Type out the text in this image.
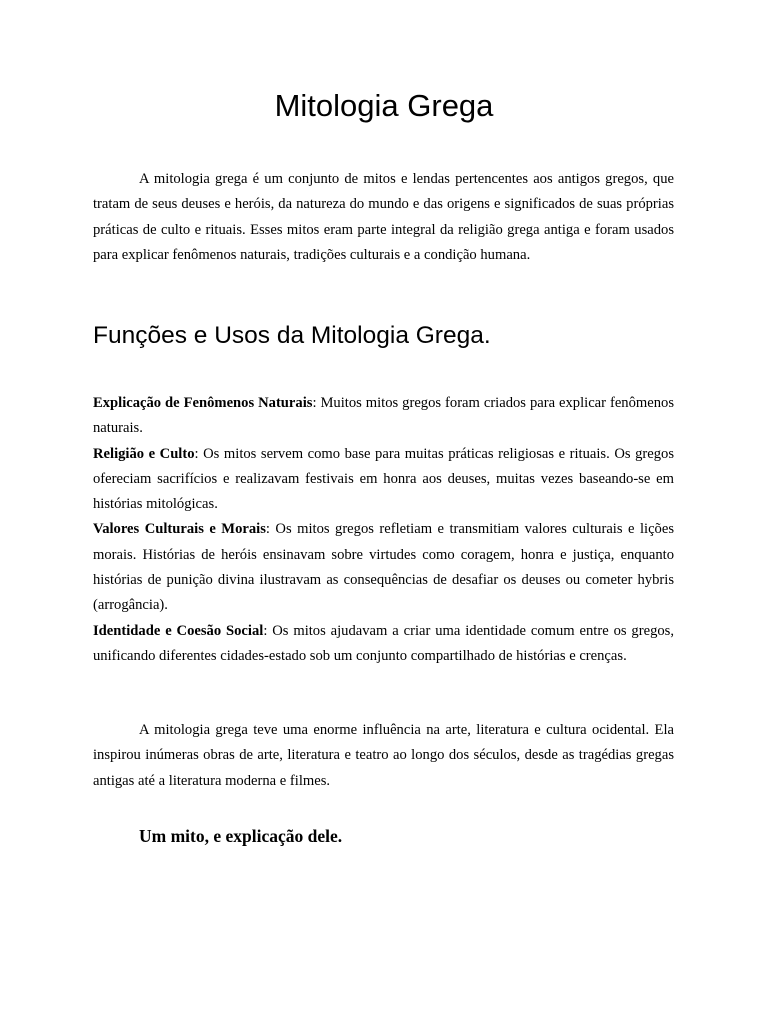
Mitologia Grega

A mitologia grega é um conjunto de mitos e lendas pertencentes aos antigos gregos, que tratam de seus deuses e heróis, da natureza do mundo e das origens e significados de suas próprias práticas de culto e rituais. Esses mitos eram parte integral da religião grega antiga e foram usados para explicar fenômenos naturais, tradições culturais e a condição humana.

Funções e Usos da Mitologia Grega.
Explicação de Fenômenos Naturais: Muitos mitos gregos foram criados para explicar fenômenos naturais.
Religião e Culto: Os mitos servem como base para muitas práticas religiosas e rituais. Os gregos ofereciam sacrifícios e realizavam festivais em honra aos deuses, muitas vezes baseando-se em histórias mitológicas.
Valores Culturais e Morais: Os mitos gregos refletiam e transmitiam valores culturais e lições morais. Histórias de heróis ensinavam sobre virtudes como coragem, honra e justiça, enquanto histórias de punição divina ilustravam as consequências de desafiar os deuses ou cometer hybris (arrogância).
Identidade e Coesão Social: Os mitos ajudavam a criar uma identidade comum entre os gregos, unificando diferentes cidades-estado sob um conjunto compartilhado de histórias e crenças.

A mitologia grega teve uma enorme influência na arte, literatura e cultura ocidental. Ela inspirou inúmeras obras de arte, literatura e teatro ao longo dos séculos, desde as tragédias gregas antigas até a literatura moderna e filmes.

Um mito, e explicação dele.
